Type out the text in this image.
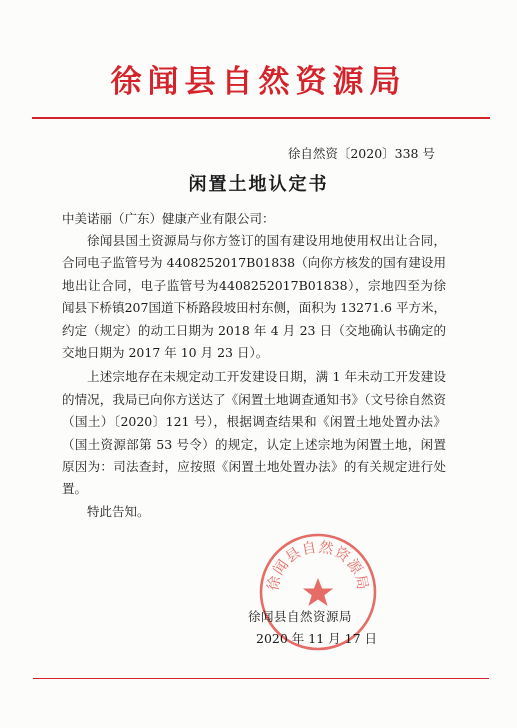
徐闻县自然资源局
徐自然资〔2020〕338 号
闲置土地认定书
中美诺丽（广东）健康产业有限公司：

徐闻县国土资源局与你方签订的国有建设用地使用权出让合同，合同电子监管号为 4408252017B01838（向你方核发的国有建设用地出让合同，电子监管号为4408252017B01838），宗地四至为徐闻县下桥镇207国道下桥路段坡田村东侧，面积为 13271.6 平方米，约定（规定）的动工日期为 2018 年 4 月 23 日（交地确认书确定的交地日期为 2017 年 10 月 23 日）。

上述宗地存在未规定动工开发建设日期，满 1 年未动工开发建设的情况，我局已向你方送达了《闲置土地调查通知书》（文号徐自然资（国土）〔2020〕121 号），根据调查结果和《闲置土地处置办法》（国土资源部第 53 号令）的规定，认定上述宗地为闲置土地，闲置原因为：司法查封，应按照《闲置土地处置办法》的有关规定进行处置。

特此告知。

徐闻县自然资源局
徐闻县自然资源局
2020 年 11 月 17 日
